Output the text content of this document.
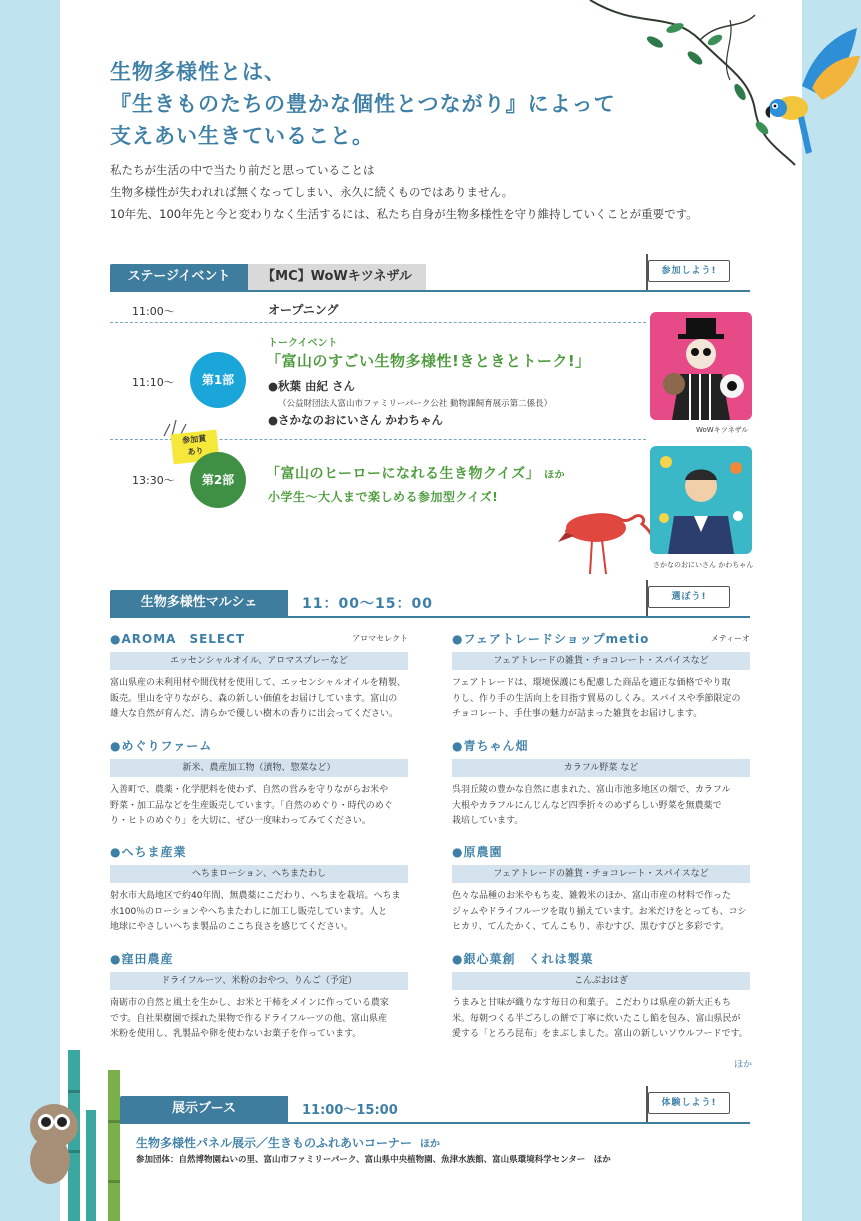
生物多様性とは、
『生きものたちの豊かな個性とつながり』によって
支えあい生きていること。
私たちが生活の中で当たり前だと思っていることは
生物多様性が失われれば無くなってしまい、永久に続くものではありません。
10年先、100年先と今と変わりなく生活するには、私たち自身が生物多様性を守り維持していくことが重要です。
ステージイベント	【MC】WoWキツネザル	参加しよう!
11:00～	オープニング
11:10～	第1部
トークイベント
「富山のすごい生物多様性!きときとトーク!」
●秋葉 由紀 さん
（公益財団法人富山市ファミリーパーク公社 動物課飼育展示第二係長）
●さかなのおにいさん かわちゃん
WoWキツネザル
参加賞
あり
13:30～	第2部	「富山のヒーローになれる生き物クイズ」 ほか
小学生～大人まで楽しめる参加型クイズ!
さかなのおにいさん かわちゃん
生物多様性マルシェ	11：00～15：00	選ぼう!
●AROMA　SELECT	アロマセレクト
エッセンシャルオイル、アロマスプレーなど
富山県産の未利用材や間伐材を使用して、エッセンシャルオイルを精製、
販売。里山を守りながら、森の新しい価値をお届けしています。富山の
雄大な自然が育んだ、清らかで優しい樹木の香りに出会ってください。
●めぐりファーム
新米、農産加工物（漬物、惣菜など）
入善町で、農薬・化学肥料を使わず、自然の営みを守りながらお米や
野菜・加工品などを生産販売しています。「自然のめぐり・時代のめぐ
り・ヒトのめぐり」を大切に、ぜひ一度味わってみてください。
●へちま産業
へちまローション、へちまたわし
射水市大島地区で約40年間、無農薬にこだわり、へちまを栽培。へちま
水100％のローションやへちまたわしに加工し販売しています。人と
地球にやさしいへちま製品のここち良さを感じてください。
●窪田農産
ドライフルーツ、米粉のおやつ、りんご（予定）
南砺市の自然と風土を生かし、お米と干柿をメインに作っている農家
です。自社果樹園で採れた果物で作るドライフルーツの他、富山県産
米粉を使用し、乳製品や卵を使わないお菓子を作っています。
●フェアトレードショップmetio	メティーオ
フェアトレードの雑貨・チョコレート・スパイスなど
フェアトレードは、環境保護にも配慮した商品を適正な価格でやり取
りし、作り手の生活向上を目指す貿易のしくみ。スパイスや季節限定の
チョコレート、手仕事の魅力が詰まった雑貨をお届けします。
●青ちゃん畑
カラフル野菜 など
呉羽丘陵の豊かな自然に恵まれた、富山市池多地区の畑で、カラフル
大根やカラフルにんじんなど四季折々のめずらしい野菜を無農薬で
栽培しています。
●原農園
フェアトレードの雑貨・チョコレート・スパイスなど
色々な品種のお米やもち麦、雑穀米のほか、富山市産の材料で作った
ジャムやドライフルーツを取り揃えています。お米だけをとっても、コシ
ヒカリ、てんたかく、てんこもり、赤むすび、黒むすびと多彩です。
●銀心菓創　くれは製菓
こんぶおはぎ
うまみと甘味が織りなす毎日の和菓子。こだわりは県産の新大正もち
米。毎朝つくる半ごろしの餅で丁寧に炊いたこし餡を包み、富山県民が
愛する「とろろ昆布」をまぶしました。富山の新しいソウルフードです。
ほか
展示ブース	11:00～15:00	体験しよう!
生物多様性パネル展示／生きものふれあいコーナー ほか
参加団体：自然博物園ねいの里、富山市ファミリーパーク、富山県中央植物園、魚津水族館、富山県環境科学センター　ほか
